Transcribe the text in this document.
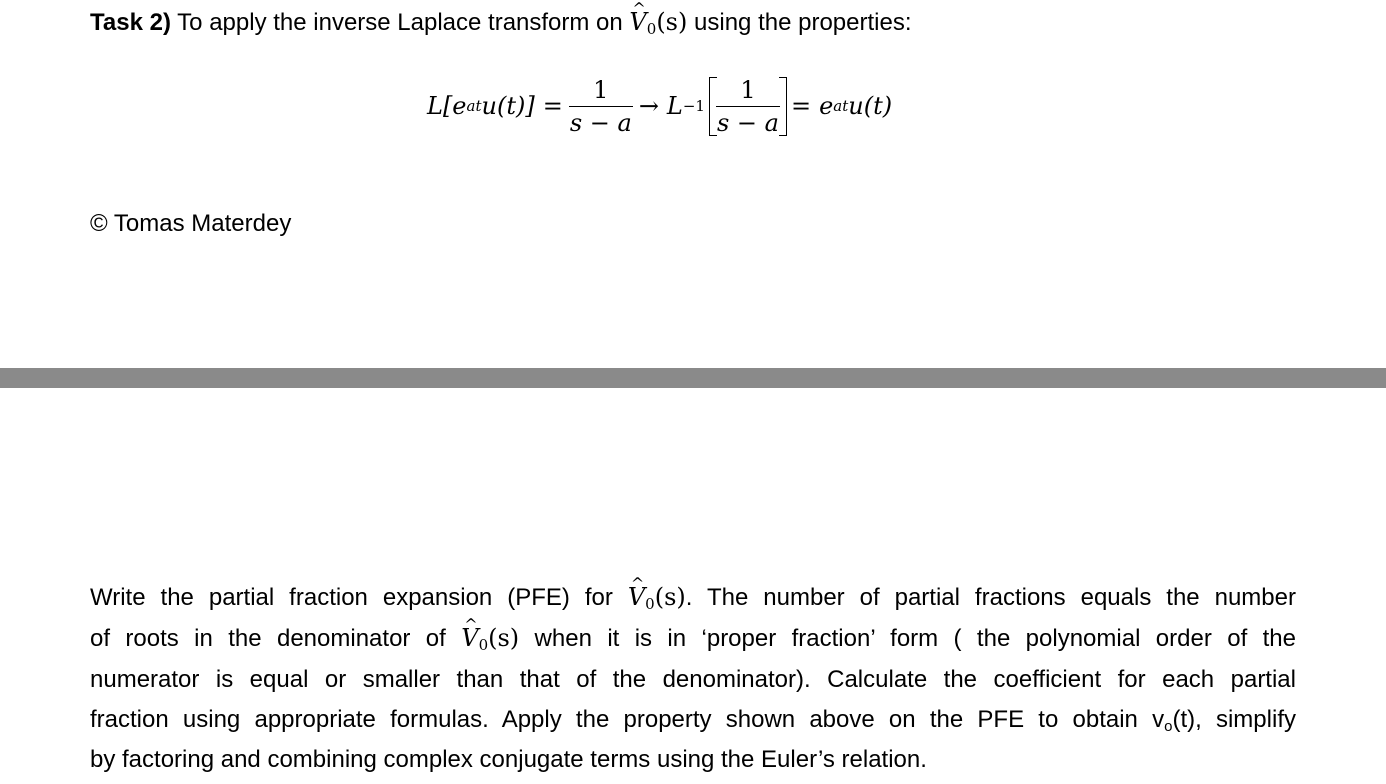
Task 2) To apply the inverse Laplace transform on ^ $V_0(s)$ using the properties:
L[e at $u(t)] = \frac{1}{s - a} \to L -1 \frac{1}{s - a} = e$ at u(t)
© Tomas Materdey
Write the partial fraction expansion (PFE) for ^ $V_0(s)$. The number of partial fractions equals the number
of roots in the denominator of ^ $V_0(s)$ when it is in ‘proper fraction’ form ( the polynomial order of the
numerator is equal or smaller than that of the denominator). Calculate the coefficient for each partial
fraction using appropriate formulas. Apply the property shown above on the PFE to obtain $v_o(t)$, simplify
by factoring and combining complex conjugate terms using the Euler’s relation.
